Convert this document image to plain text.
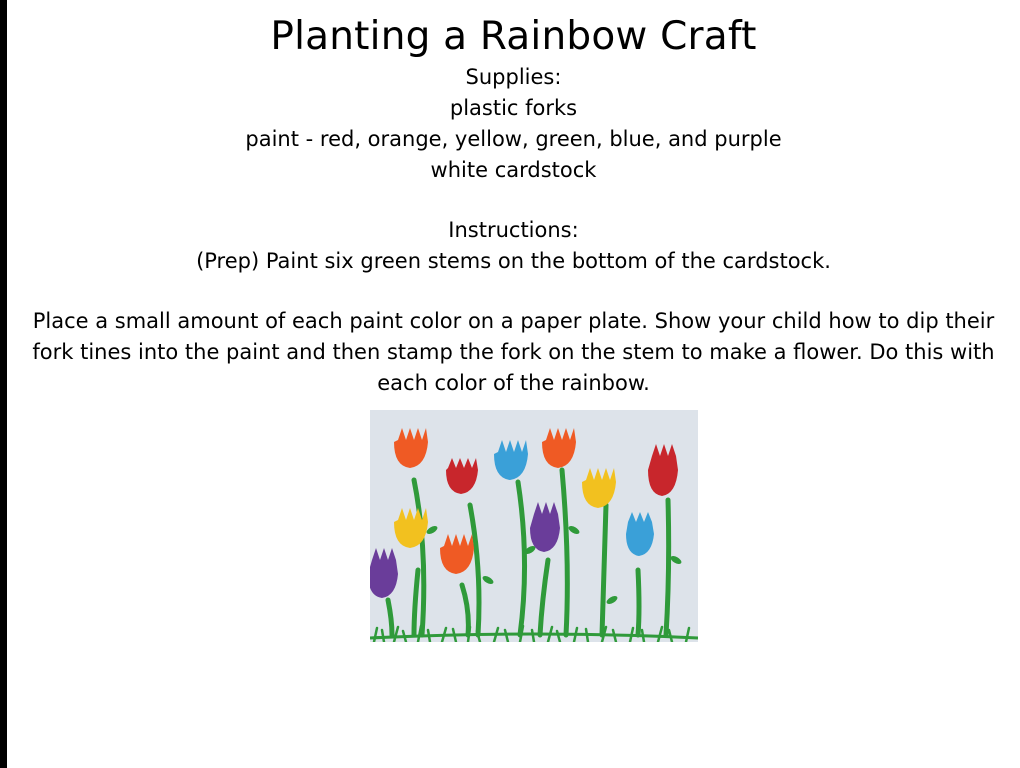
Planting a Rainbow Craft

Supplies:

plastic forks

paint - red, orange, yellow, green, blue, and purple

white cardstock

Instructions:

(Prep) Paint six green stems on the bottom of the cardstock.

Place a small amount of each paint color on a paper plate. Show your child how to dip their fork tines into the paint and then stamp the fork on the stem to make a flower. Do this with each color of the rainbow.
